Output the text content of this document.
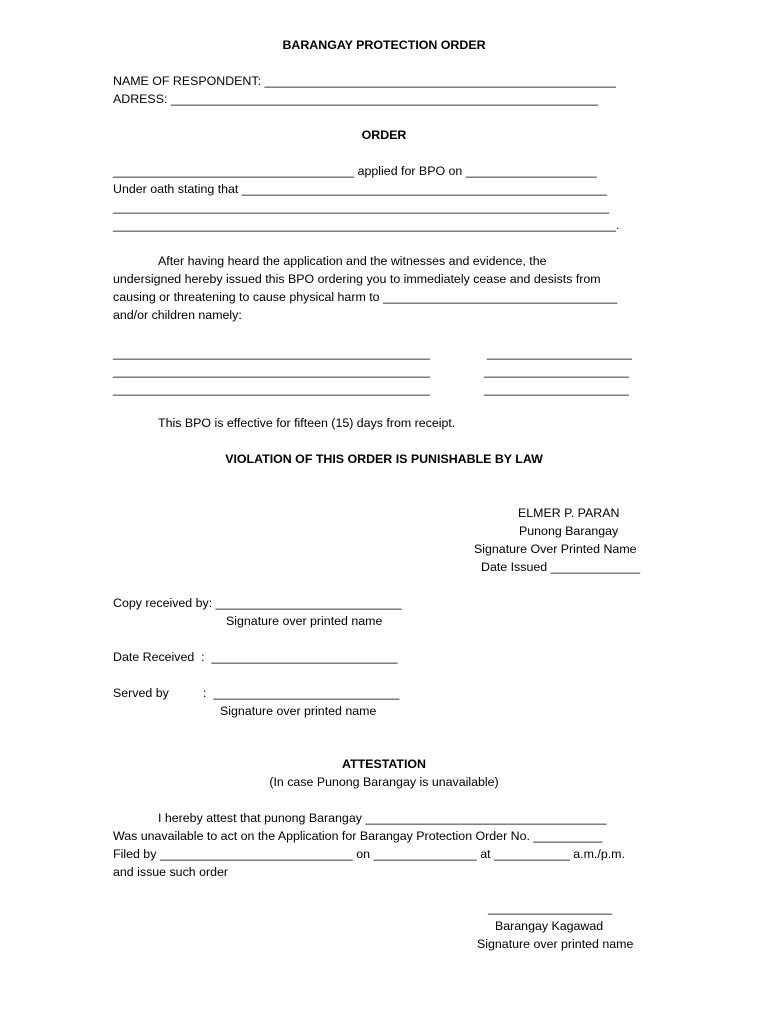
BARANGAY PROTECTION ORDER
NAME OF RESPONDENT: ___________________________________________________
ADRESS: ______________________________________________________________
ORDER
___________________________________ applied for BPO on ___________________
Under oath stating that _____________________________________________________
________________________________________________________________________
_________________________________________________________________________.
After having heard the application and the witnesses and evidence, the
undersigned hereby issued this BPO ordering you to immediately cease and desists from
causing or threatening to cause physical harm to __________________________________
and/or children namely:
______________________________________________	_____________________
______________________________________________	_____________________
______________________________________________	_____________________
This BPO is effective for fifteen (15) days from receipt.
VIOLATION OF THIS ORDER IS PUNISHABLE BY LAW
ELMER P. PARAN
Punong Barangay
Signature Over Printed Name
Date Issued _____________
Copy received by: ___________________________
Signature over printed name
Date Received  :  ___________________________
Served by	:  ___________________________
Signature over printed name
ATTESTATION
(In case Punong Barangay is unavailable)
I hereby attest that punong Barangay ___________________________________
Was unavailable to act on the Application for Barangay Protection Order No. __________
Filed by ____________________________ on _______________ at ___________ a.m./p.m.
and issue such order
__________________
Barangay Kagawad
Signature over printed name
